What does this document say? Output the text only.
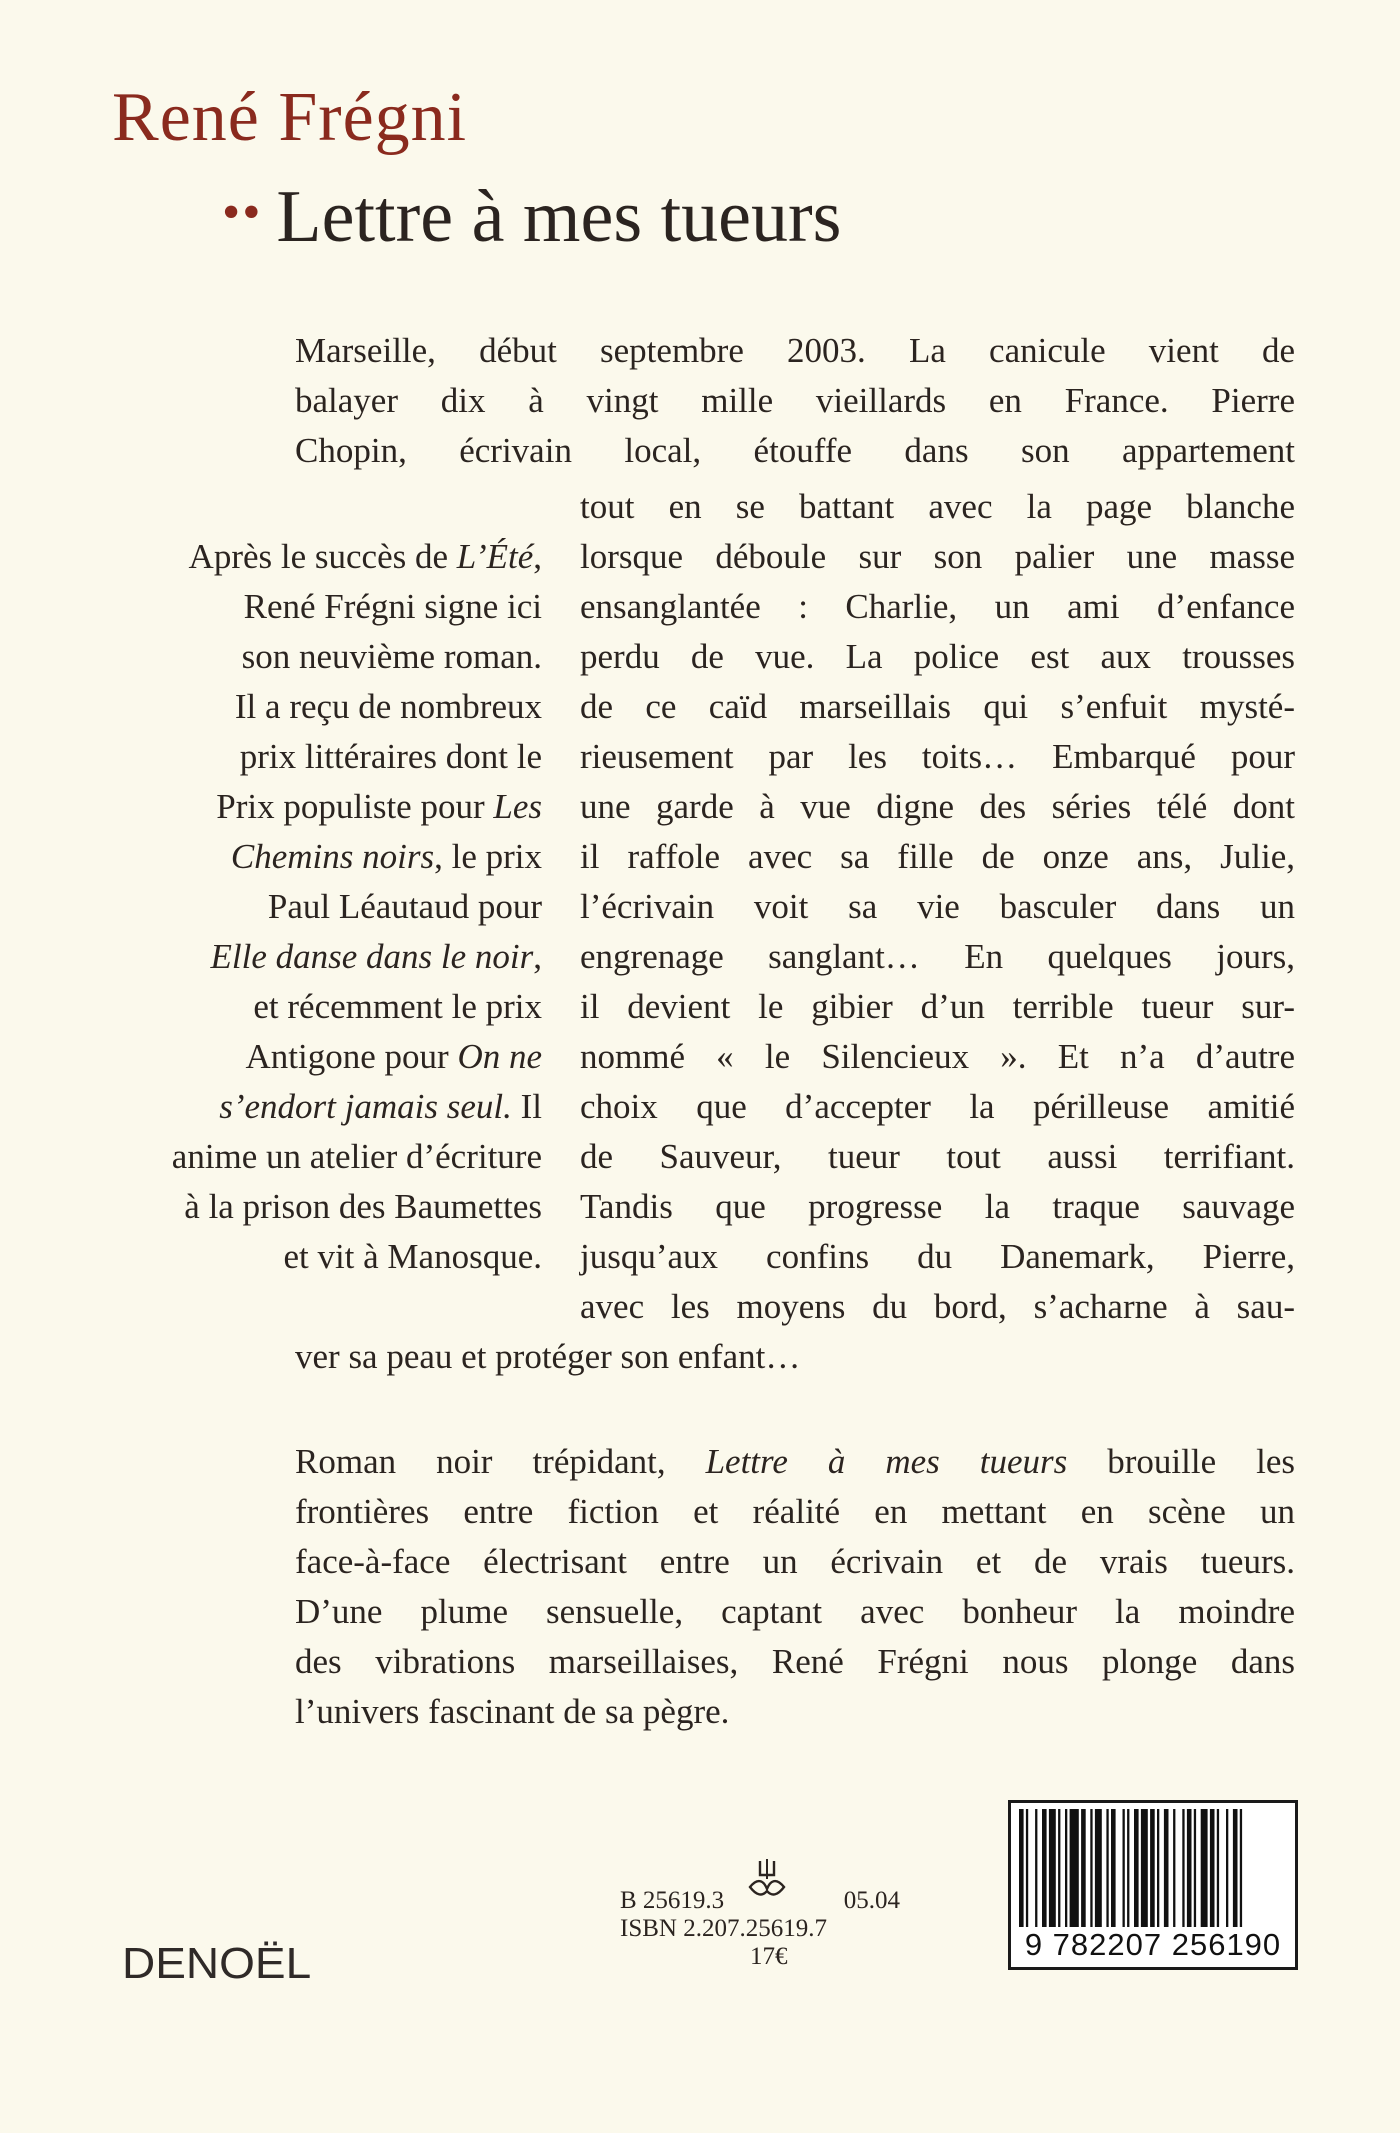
René Frégni
•• Lettre à mes tueurs
Marseille, début septembre 2003. La canicule vient de
balayer dix à vingt mille vieillards en France. Pierre
Chopin, écrivain local, étouffe dans son appartement
Après le succès de L’Été,
René Frégni signe ici
son neuvième roman.
Il a reçu de nombreux
prix littéraires dont le
Prix populiste pour Les
Chemins noirs, le prix
Paul Léautaud pour
Elle danse dans le noir,
et récemment le prix
Antigone pour On ne
s’endort jamais seul. Il
anime un atelier d’écriture
à la prison des Baumettes
et vit à Manosque.
tout en se battant avec la page blanche
lorsque déboule sur son palier une masse
ensanglantée : Charlie, un ami d’enfance
perdu de vue. La police est aux trousses
de ce caïd marseillais qui s’enfuit mysté-
rieusement par les toits… Embarqué pour
une garde à vue digne des séries télé dont
il raffole avec sa fille de onze ans, Julie,
l’écrivain voit sa vie basculer dans un
engrenage sanglant… En quelques jours,
il devient le gibier d’un terrible tueur sur-
nommé « le Silencieux ». Et n’a d’autre
choix que d’accepter la périlleuse amitié
de Sauveur, tueur tout aussi terrifiant.
Tandis que progresse la traque sauvage
jusqu’aux confins du Danemark, Pierre,
avec les moyens du bord, s’acharne à sau-
ver sa peau et protéger son enfant…
Roman noir trépidant, Lettre à mes tueurs brouille les
frontières entre fiction et réalité en mettant en scène un
face-à-face électrisant entre un écrivain et de vrais tueurs.
D’une plume sensuelle, captant avec bonheur la moindre
des vibrations marseillaises, René Frégni nous plonge dans
l’univers fascinant de sa pègre.
DENOËL
B 25619.3	05.04
ISBN 2.207.25619.7
17€	9 782207 256190
